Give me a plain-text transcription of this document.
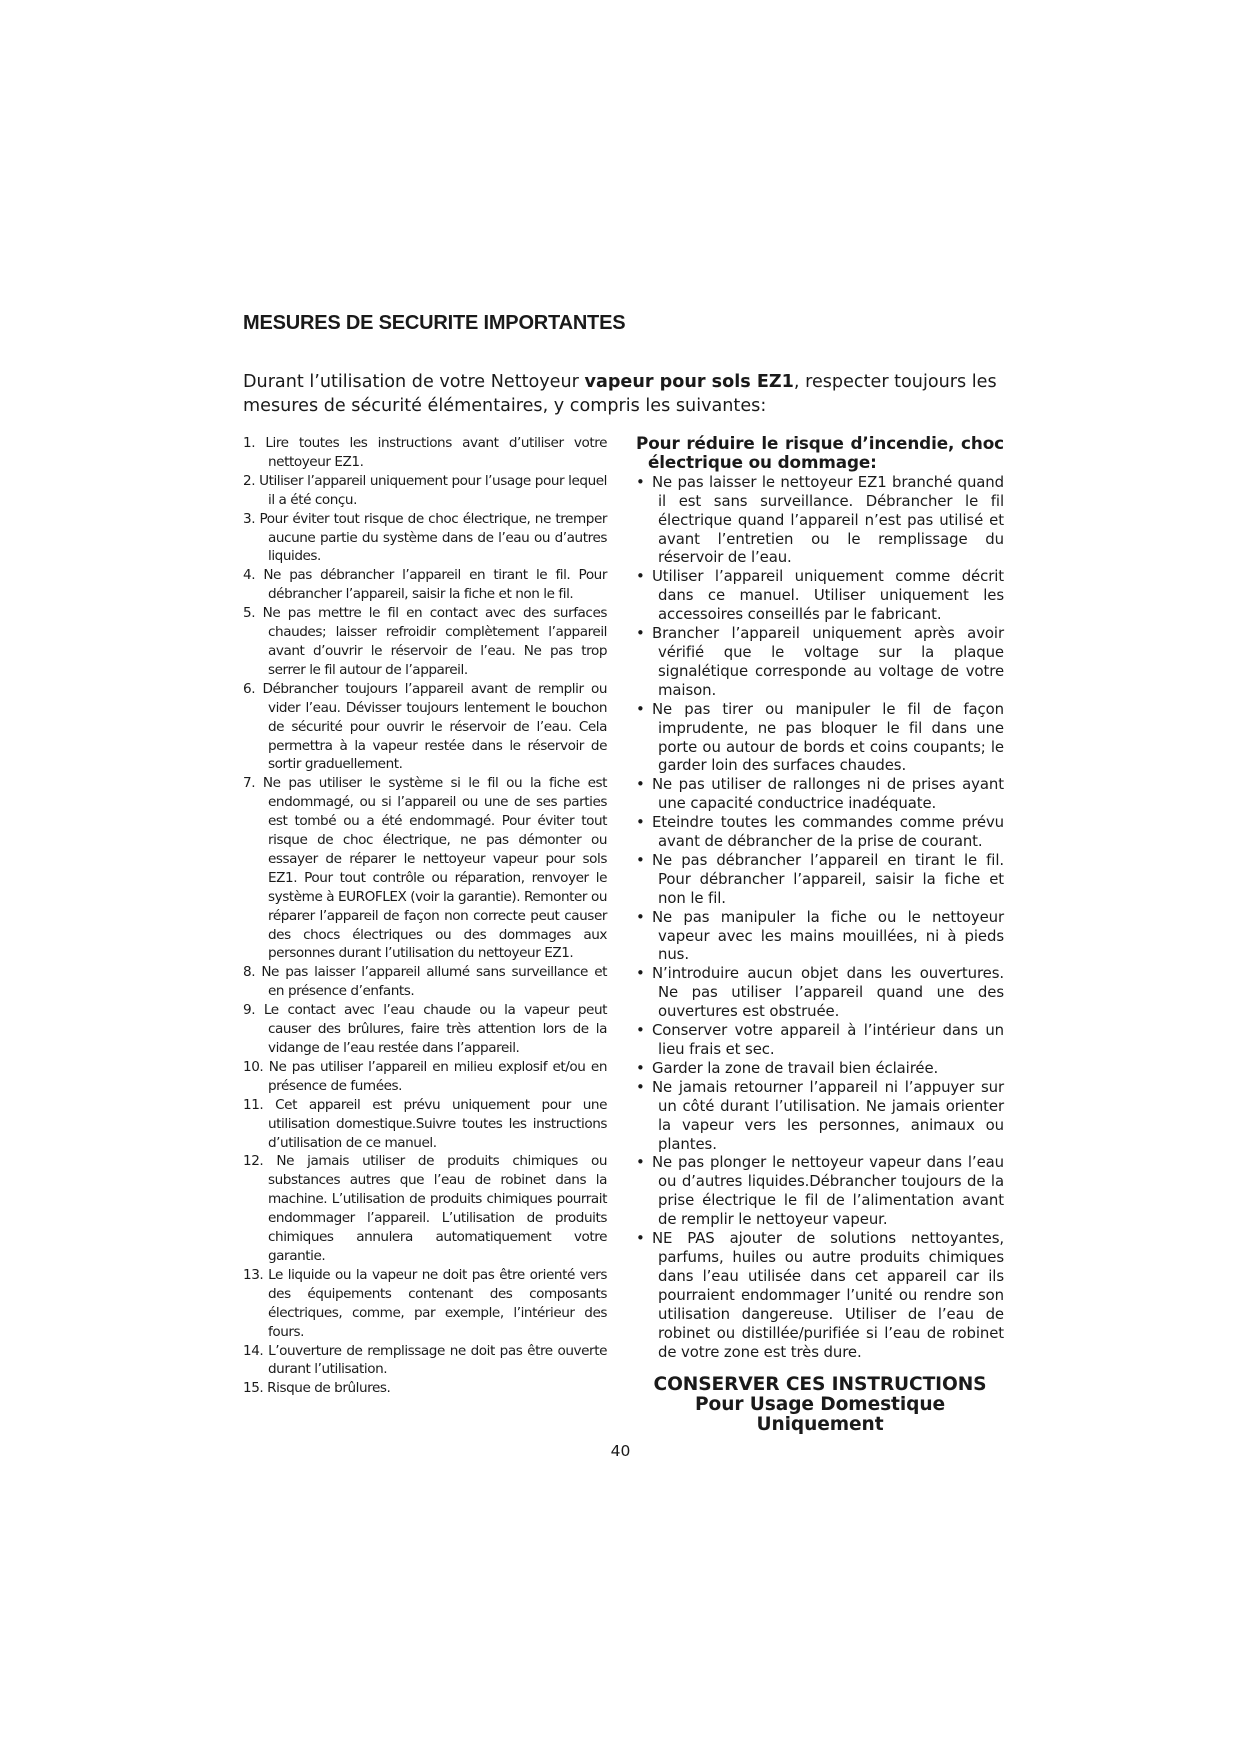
MESURES DE SECURITE IMPORTANTES

Durant l’utilisation de votre Nettoyeur vapeur pour sols EZ1, respecter toujours les mesures de sécurité élémentaires, y compris les suivantes:

1. Lire toutes les instructions avant d’utiliser votre nettoyeur EZ1.
2. Utiliser l’appareil uniquement pour l’usage pour lequel il a été conçu.
3. Pour éviter tout risque de choc électrique, ne tremper aucune partie du système dans de l’eau ou d’autres liquides.
4. Ne pas débrancher l’appareil en tirant le fil. Pour débrancher l’appareil, saisir la fiche et non le fil.
5. Ne pas mettre le fil en contact avec des surfaces chaudes; laisser refroidir complètement l’appareil avant d’ouvrir le réservoir de l’eau. Ne pas trop serrer le fil autour de l’appareil.
6. Débrancher toujours l’appareil avant de remplir ou vider l’eau. Dévisser toujours lentement le bouchon de sécurité pour ouvrir le réservoir de l’eau. Cela permettra à la vapeur restée dans le réservoir de sortir graduellement.
7. Ne pas utiliser le système si le fil ou la fiche est endommagé, ou si l’appareil ou une de ses parties est tombé ou a été endommagé. Pour éviter tout risque de choc électrique, ne pas démonter ou essayer de réparer le nettoyeur vapeur pour sols EZ1. Pour tout contrôle ou réparation, renvoyer le système à EUROFLEX (voir la garantie). Remonter ou réparer l’appareil de façon non correcte peut causer des chocs électriques ou des dommages aux personnes durant l’utilisation du nettoyeur EZ1.
8. Ne pas laisser l’appareil allumé sans surveillance et en présence d’enfants.
9. Le contact avec l’eau chaude ou la vapeur peut causer des brûlures, faire très attention lors de la vidange de l’eau restée dans l’appareil.
10. Ne pas utiliser l’appareil en milieu explosif et/ou en présence de fumées.
11. Cet appareil est prévu uniquement pour une utilisation domestique.Suivre toutes les instructions d’utilisation de ce manuel.
12. Ne jamais utiliser de produits chimiques ou substances autres que l’eau de robinet dans la machine. L’utilisation de produits chimiques pourrait endommager l’appareil. L’utilisation de produits chimiques annulera automatiquement votre garantie.
13. Le liquide ou la vapeur ne doit pas être orienté vers des équipements contenant des composants électriques, comme, par exemple, l’intérieur des fours.
14. L’ouverture de remplissage ne doit pas être ouverte durant l’utilisation.
15. Risque de brûlures.

Pour réduire le risque d’incendie, choc électrique ou dommage:

• Ne pas laisser le nettoyeur EZ1 branché quand il est sans surveillance. Débrancher le fil électrique quand l’appareil n’est pas utilisé et avant l’entretien ou le remplissage du réservoir de l’eau.
• Utiliser l’appareil uniquement comme décrit dans ce manuel. Utiliser uniquement les accessoires conseillés par le fabricant.
• Brancher l’appareil uniquement après avoir vérifié que le voltage sur la plaque signalétique corresponde au voltage de votre maison.
• Ne pas tirer ou manipuler le fil de façon imprudente, ne pas bloquer le fil dans une porte ou autour de bords et coins coupants; le garder loin des surfaces chaudes.
• Ne pas utiliser de rallonges ni de prises ayant une capacité conductrice inadéquate.
• Eteindre toutes les commandes comme prévu avant de débrancher de la prise de courant.
• Ne pas débrancher l’appareil en tirant le fil. Pour débrancher l’appareil, saisir la fiche et non le fil.
• Ne pas manipuler la fiche ou le nettoyeur vapeur avec les mains mouillées, ni à pieds nus.
• N’introduire aucun objet dans les ouvertures. Ne pas utiliser l’appareil quand une des ouvertures est obstruée.
• Conserver votre appareil à l’intérieur dans un lieu frais et sec.
• Garder la zone de travail bien éclairée.
• Ne jamais retourner l’appareil ni l’appuyer sur un côté durant l’utilisation. Ne jamais orienter la vapeur vers les personnes, animaux ou plantes.
• Ne pas plonger le nettoyeur vapeur dans l’eau ou d’autres liquides.Débrancher toujours de la prise électrique le fil de l’alimentation avant de remplir le nettoyeur vapeur.
• NE PAS ajouter de solutions nettoyantes, parfums, huiles ou autre produits chimiques dans l’eau utilisée dans cet appareil car ils pourraient endommager l’unité ou rendre son utilisation dangereuse. Utiliser de l’eau de robinet ou distillée/purifiée si l’eau de robinet de votre zone est très dure.
CONSERVER CES INSTRUCTIONS
Pour Usage Domestique Uniquement
40
